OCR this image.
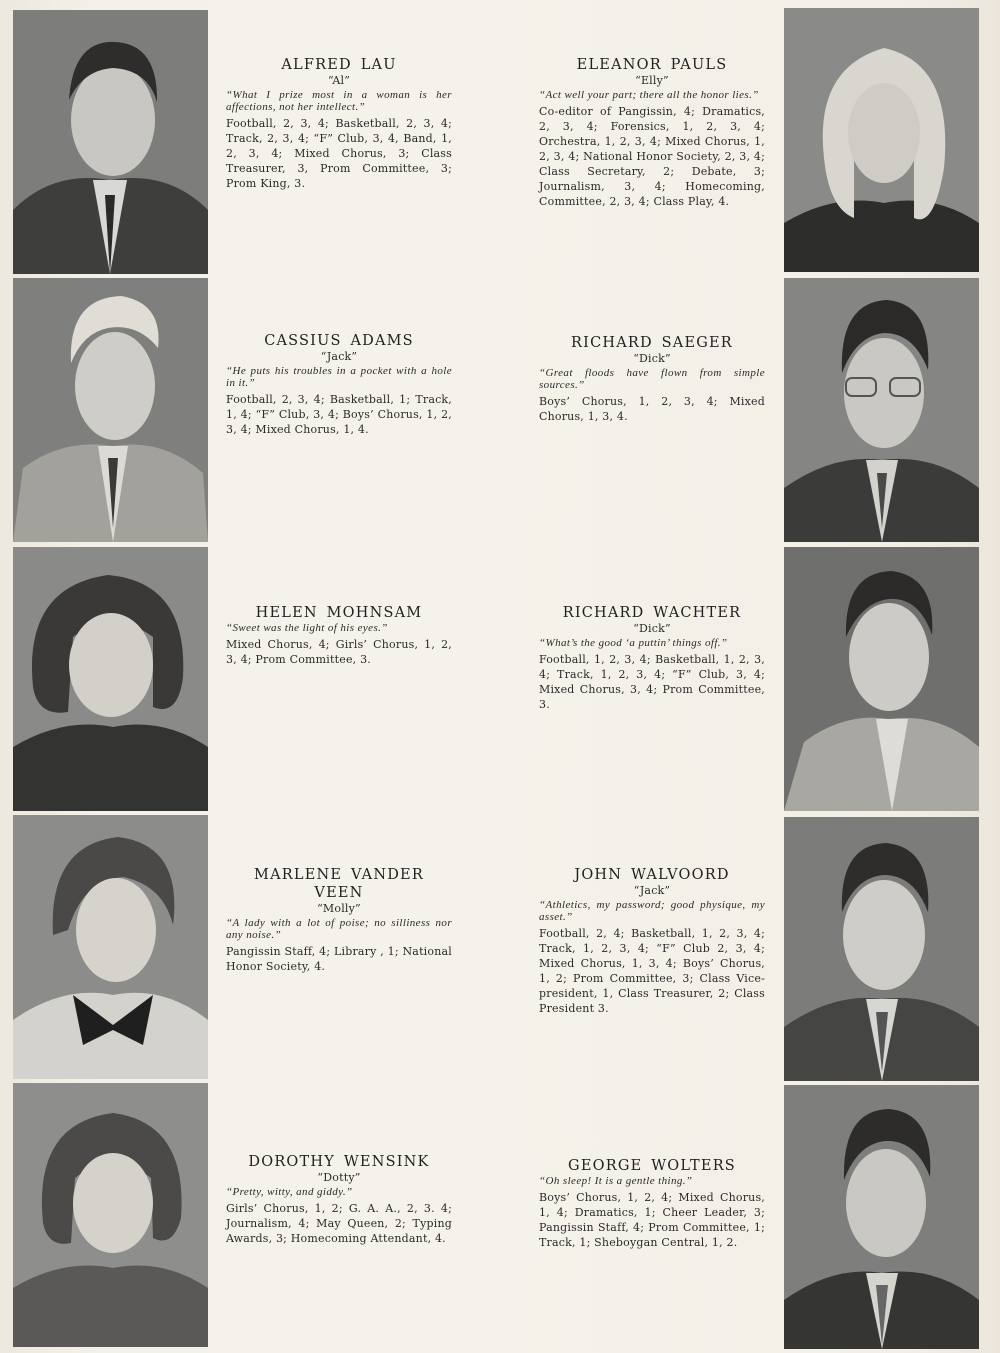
ALFRED LAU
“Al”
“What I prize most in a woman is her affections, not her intellect.”
Football, 2, 3, 4; Basketball, 2, 3, 4; Track, 2, 3, 4; “F” Club, 3, 4, Band, 1, 2, 3, 4; Mixed Chorus, 3; Class Treasurer, 3, Prom Committee, 3; Prom King, 3.
ELEANOR PAULS
“Elly”
“Act well your part; there all the honor lies.”
Co-editor of Pangissin, 4; Dramatics, 2, 3, 4; Forensics, 1, 2, 3, 4; Orchestra, 1, 2, 3, 4; Mixed Chorus, 1, 2, 3, 4; National Honor Society, 2, 3, 4; Class Secretary, 2; Debate, 3; Journalism, 3, 4; Homecoming, Committee, 2, 3, 4; Class Play, 4.
CASSIUS ADAMS
“Jack”
“He puts his troubles in a pocket with a hole in it.”
Football, 2, 3, 4; Basketball, 1; Track, 1, 4; “F” Club, 3, 4; Boys’ Chorus, 1, 2, 3, 4; Mixed Chorus, 1, 4.
RICHARD SAEGER
“Dick”
“Great floods have flown from simple sources.”
Boys’ Chorus, 1, 2, 3, 4; Mixed Chorus, 1, 3, 4.
HELEN MOHNSAM
“Sweet was the light of his eyes.”
Mixed Chorus, 4; Girls’ Chorus, 1, 2, 3, 4; Prom Committee, 3.
RICHARD WACHTER
“Dick”
“What’s the good ‘a puttin’ things off.”
Football, 1, 2, 3, 4; Basketball, 1, 2, 3, 4; Track, 1, 2, 3, 4; “F” Club, 3, 4; Mixed Chorus, 3, 4; Prom Committee, 3.
MARLENE VANDER VEEN
“Molly”
“A lady with a lot of poise; no silliness nor any noise.”
Pangissin Staff, 4; Library , 1; National Honor Society, 4.
JOHN WALVOORD
“Jack”
“Athletics, my password; good physique, my asset.”
Football, 2, 4; Basketball, 1, 2, 3, 4; Track, 1, 2, 3, 4; “F” Club 2, 3, 4; Mixed Chorus, 1, 3, 4; Boys’ Chorus, 1, 2; Prom Committee, 3; Class Vice-president, 1, Class Treasurer, 2; Class President 3.
DOROTHY WENSINK
“Dotty”
“Pretty, witty, and giddy.”
Girls’ Chorus, 1, 2; G. A. A., 2, 3. 4; Journalism, 4; May Queen, 2; Typing Awards, 3; Homecoming Attendant, 4.
GEORGE WOLTERS
“Oh sleep! It is a gentle thing.”
Boys’ Chorus, 1, 2, 4; Mixed Chorus, 1, 4; Dramatics, 1; Cheer Leader, 3; Pangissin Staff, 4; Prom Committee, 1; Track, 1; Sheboygan Central, 1, 2.
